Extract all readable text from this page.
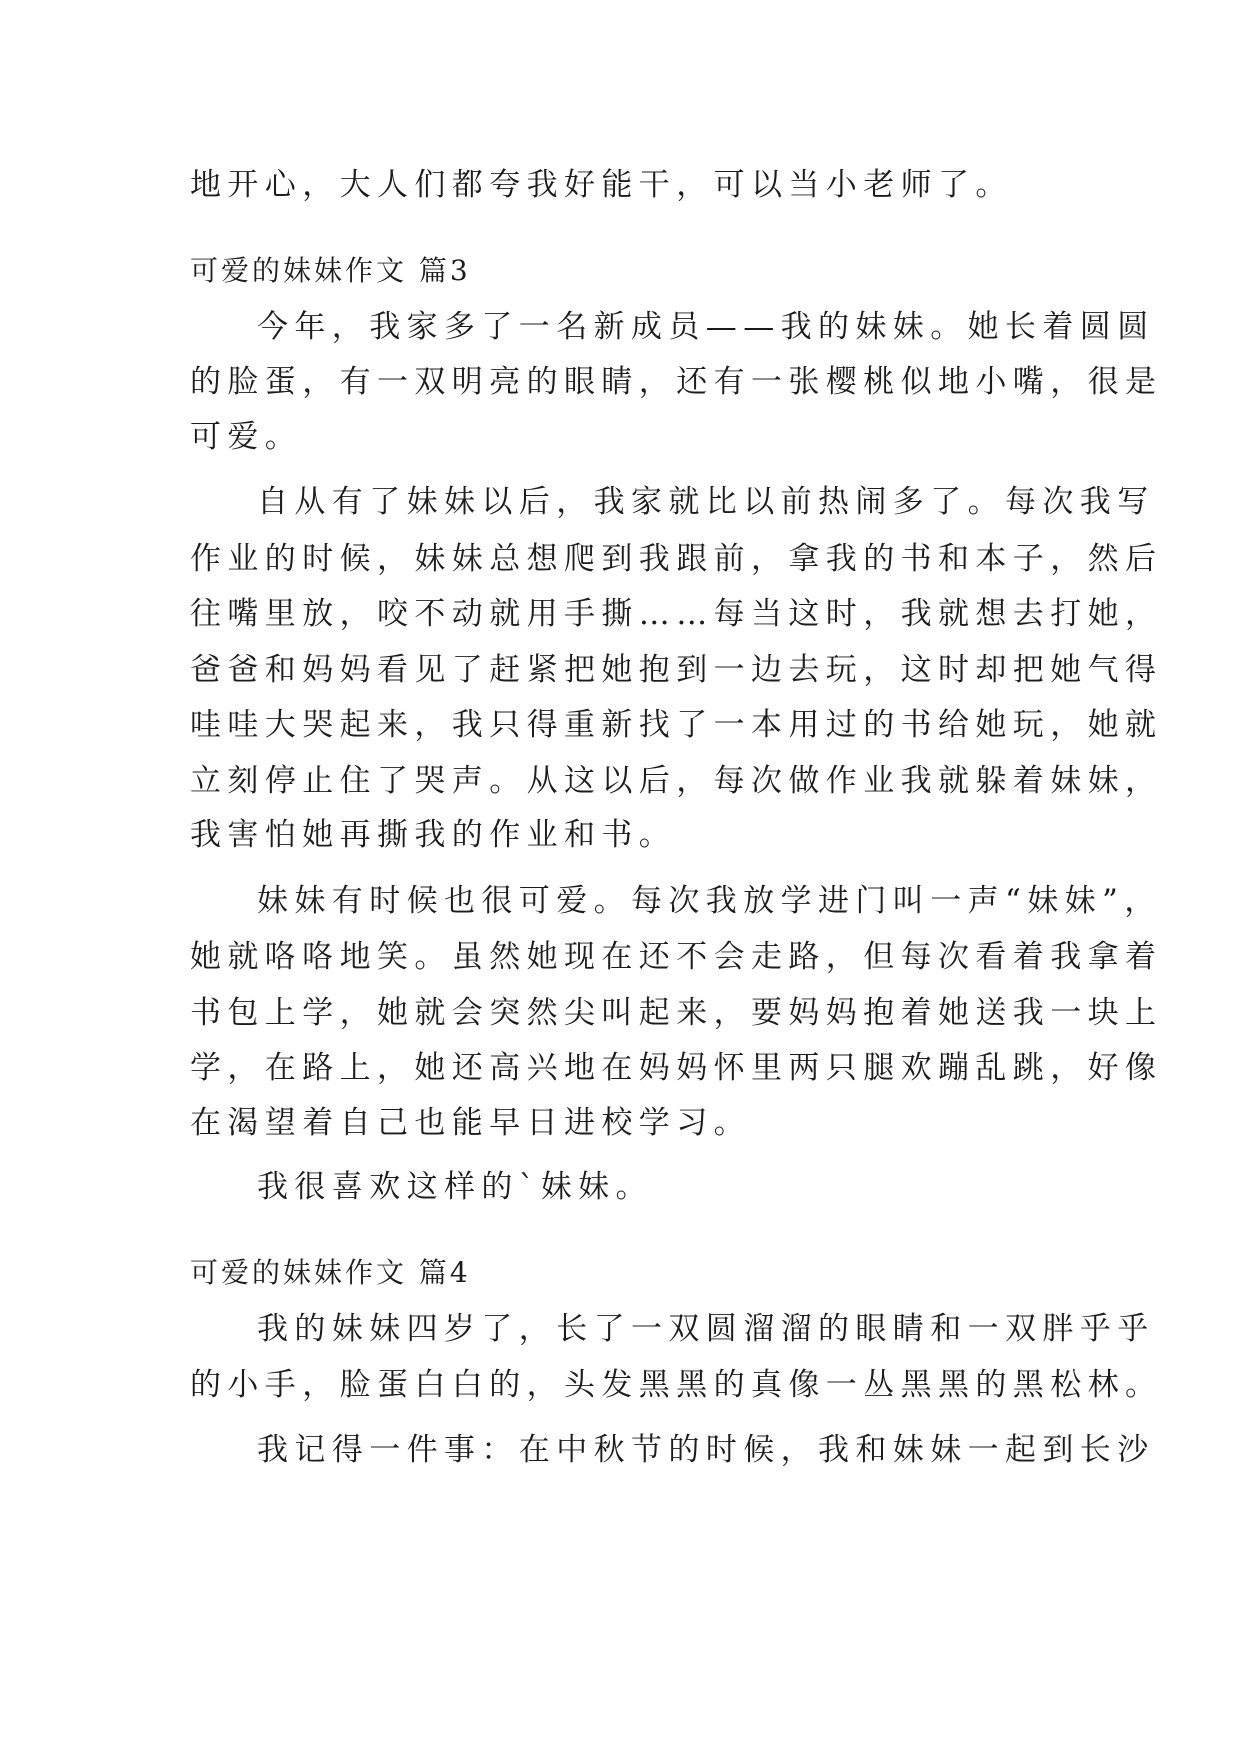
地开心，大人们都夸我好能干，可以当小老师了。
可爱的妹妹作文 篇3
今年，我家多了一名新成员——我的妹妹。她长着圆圆
的脸蛋，有一双明亮的眼睛，还有一张樱桃似地小嘴，很是
可爱。
自从有了妹妹以后，我家就比以前热闹多了。每次我写
作业的时候，妹妹总想爬到我跟前，拿我的书和本子，然后
往嘴里放，咬不动就用手撕……每当这时，我就想去打她，
爸爸和妈妈看见了赶紧把她抱到一边去玩，这时却把她气得
哇哇大哭起来，我只得重新找了一本用过的书给她玩，她就
立刻停止住了哭声。从这以后，每次做作业我就躲着妹妹，
我害怕她再撕我的作业和书。
妹妹有时候也很可爱。每次我放学进门叫一声“妹妹”，
她就咯咯地笑。虽然她现在还不会走路，但每次看着我拿着
书包上学，她就会突然尖叫起来，要妈妈抱着她送我一块上
学，在路上，她还高兴地在妈妈怀里两只腿欢蹦乱跳，好像
在渴望着自己也能早日进校学习。
我很喜欢这样的`妹妹。
可爱的妹妹作文 篇4
我的妹妹四岁了，长了一双圆溜溜的眼睛和一双胖乎乎
的小手，脸蛋白白的，头发黑黑的真像一丛黑黑的黑松林。
我记得一件事：在中秋节的时候，我和妹妹一起到长沙
